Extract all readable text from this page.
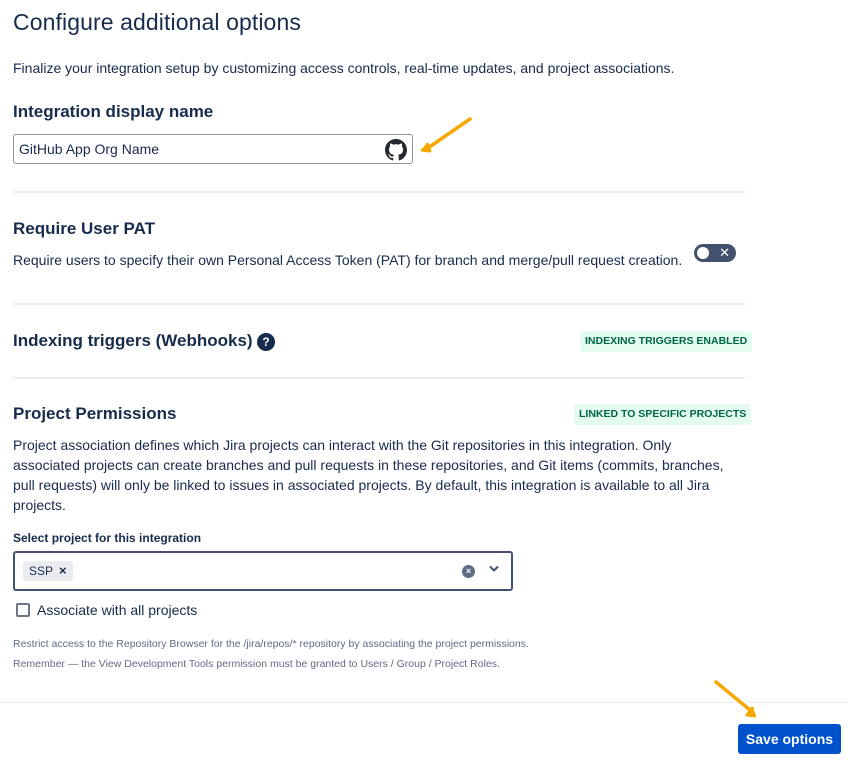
Configure additional options

Finalize your integration setup by customizing access controls, real-time updates, and project associations.

Integration display name
GitHub App Org Name
Require User PAT

Require users to specify their own Personal Access Token (PAT) for branch and merge/pull request creation.	✕
Indexing triggers (Webhooks) ?	INDEXING TRIGGERS ENABLED
Project Permissions	LINKED TO SPECIFIC PROJECTS

Project association defines which Jira projects can interact with the Git repositories in this integration. Only associated projects can create branches and pull requests in these repositories, and Git items (commits, branches, pull requests) will only be linked to issues in associated projects. By default, this integration is available to all Jira projects.

Select project for this integration
SSP ×	×
Associate with all projects

Restrict access to the Repository Browser for the /jira/repos/* repository by associating the project permissions.

Remember — the View Development Tools permission must be granted to Users / Group / Project Roles.

Save options
